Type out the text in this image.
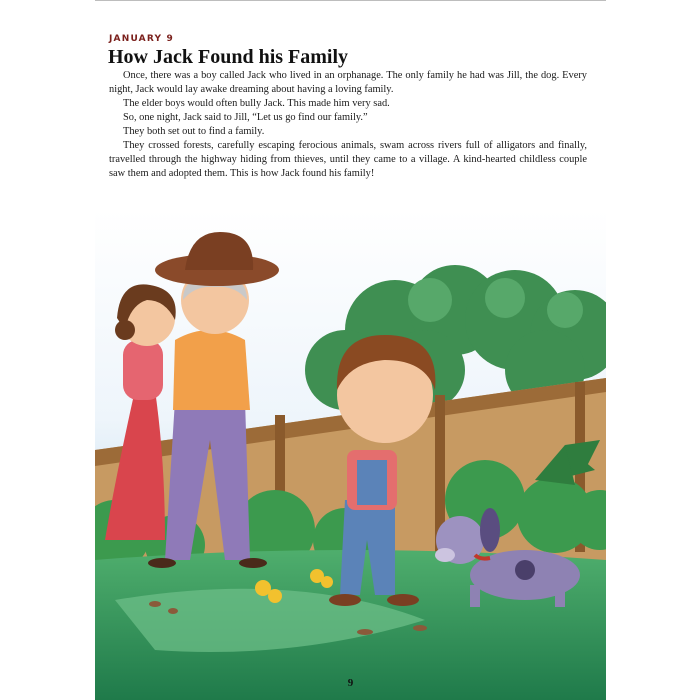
JANUARY 9
How Jack Found his Family

Once, there was a boy called Jack who lived in an orphanage. The only family he had was Jill, the dog. Every night, Jack would lay awake dreaming about having a loving family.

The elder boys would often bully Jack. This made him very sad.

So, one night, Jack said to Jill, “Let us go find our family.”

They both set out to find a family.

They crossed forests, carefully escaping ferocious animals, swam across rivers full of alligators and finally, travelled through the highway hiding from thieves, until they came to a village. A kind-hearted childless couple saw them and adopted them. This is how Jack found his family!

9
